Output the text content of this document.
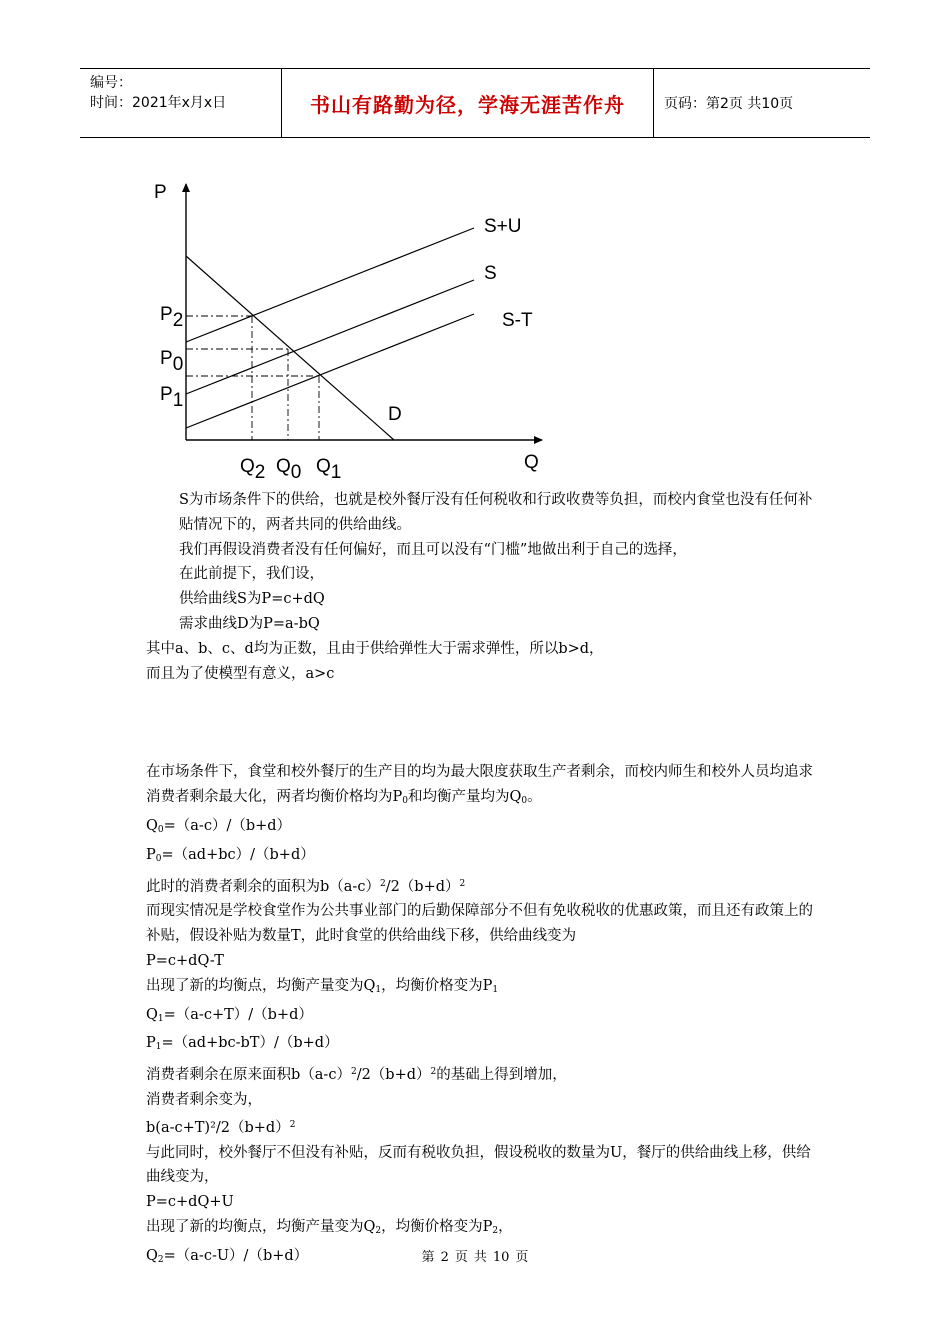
编号：
时间：2021年x月x日	书山有路勤为径，学海无涯苦作舟	页码：第2页 共10页
P
Q
S+U
S
S-T
D
P2
P0
P1
Q2 Q0 Q1

S为市场条件下的供给，也就是校外餐厅没有任何税收和行政收费等负担，而校内食堂也没有任何补贴情况下的，两者共同的供给曲线。

我们再假设消费者没有任何偏好，而且可以没有“门槛”地做出利于自己的选择，

在此前提下，我们设，

供给曲线S为P=c+dQ

需求曲线D为P=a-bQ

其中a、b、c、d均为正数，且由于供给弹性大于需求弹性，所以b>d，

而且为了使模型有意义，a>c

在市场条件下，食堂和校外餐厅的生产目的均为最大限度获取生产者剩余，而校内师生和校外人员均追求消费者剩余最大化，两者均衡价格均为$P_0$和均衡产量均为$Q_0$。

$Q_0=(a-c)/(b+d)$

$P_0=(ad+bc)/(b+d)$

此时的消费者剩余的面积为$b(a-c)^2/2(b+d)^2$

而现实情况是学校食堂作为公共事业部门的后勤保障部分不但有免收税收的优惠政策，而且还有政策上的补贴，假设补贴为数量T，此时食堂的供给曲线下移，供给曲线变为

P=c+dQ-T

出现了新的均衡点，均衡产量变为$Q_1$，均衡价格变为$P_1$

$Q_1=(a-c+T)/(b+d)$

$P_1=(ad+bc-bT)/(b+d)$

消费者剩余在原来面积$b(a-c)^2/2(b+d)^2$的基础上得到增加，

消费者剩余变为，

$b(a-c+T)^2/2(b+d)^2$

与此同时，校外餐厅不但没有补贴，反而有税收负担，假设税收的数量为U，餐厅的供给曲线上移，供给曲线变为，

P=c+dQ+U

出现了新的均衡点，均衡产量变为$Q_2$，均衡价格变为$P_2$，

$Q_2=(a-c-U)/(b+d)$	第 2 页 共 10 页
